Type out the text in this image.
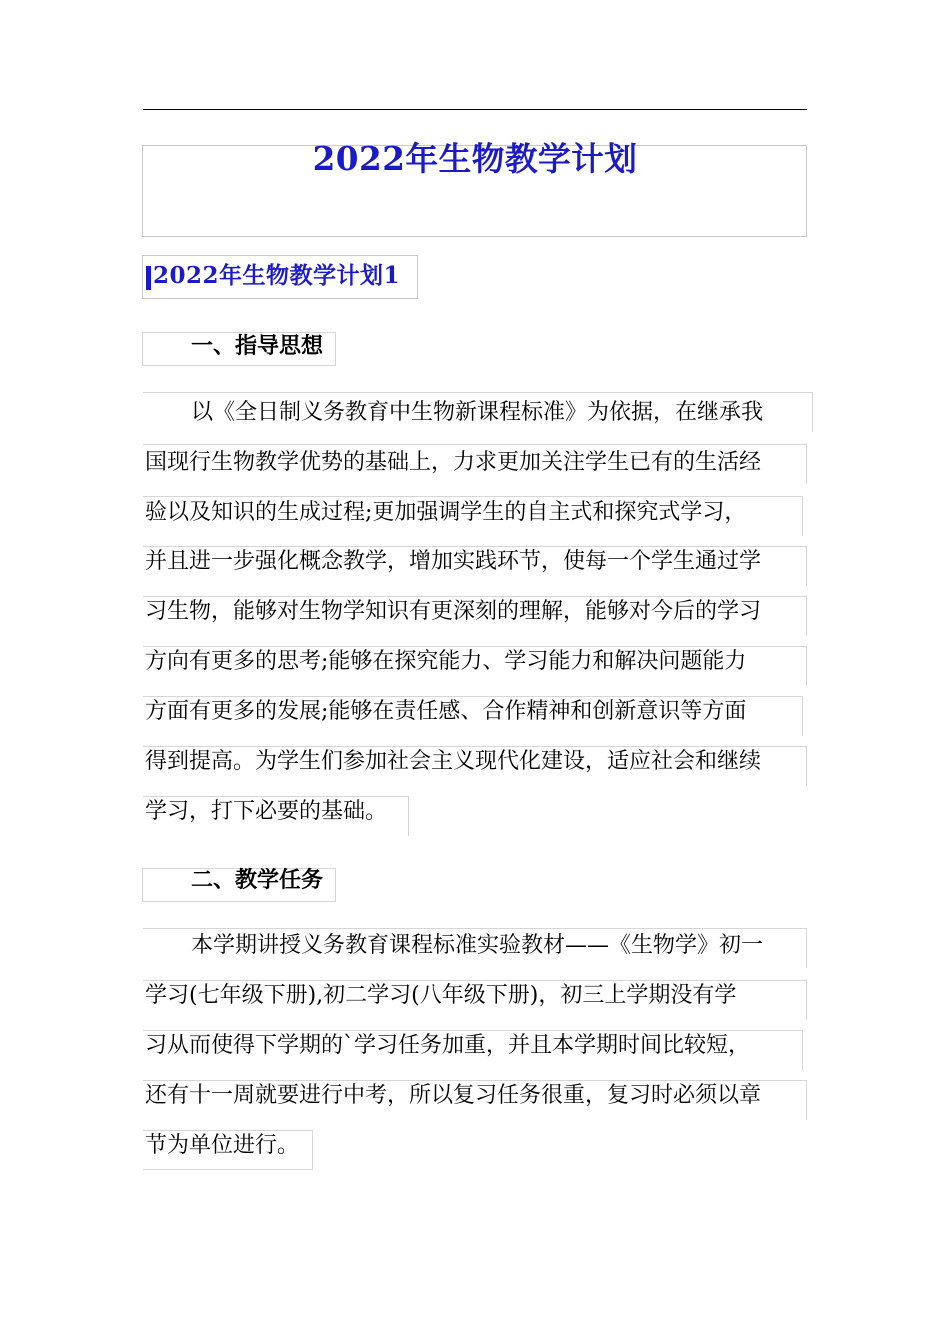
2022年生物教学计划
2022年生物教学计划1
一、指导思想
以《全日制义务教育中生物新课程标准》为依据，在继承我
国现行生物教学优势的基础上，力求更加关注学生已有的生活经
验以及知识的生成过程;更加强调学生的自主式和探究式学习，
并且进一步强化概念教学，增加实践环节，使每一个学生通过学
习生物，能够对生物学知识有更深刻的理解，能够对今后的学习
方向有更多的思考;能够在探究能力、学习能力和解决问题能力
方面有更多的发展;能够在责任感、合作精神和创新意识等方面
得到提高。为学生们参加社会主义现代化建设，适应社会和继续
学习，打下必要的基础。
二、教学任务
本学期讲授义务教育课程标准实验教材——《生物学》初一
学习(七年级下册),初二学习(八年级下册)，初三上学期没有学
习从而使得下学期的`学习任务加重，并且本学期时间比较短，
还有十一周就要进行中考，所以复习任务很重，复习时必须以章
节为单位进行。
